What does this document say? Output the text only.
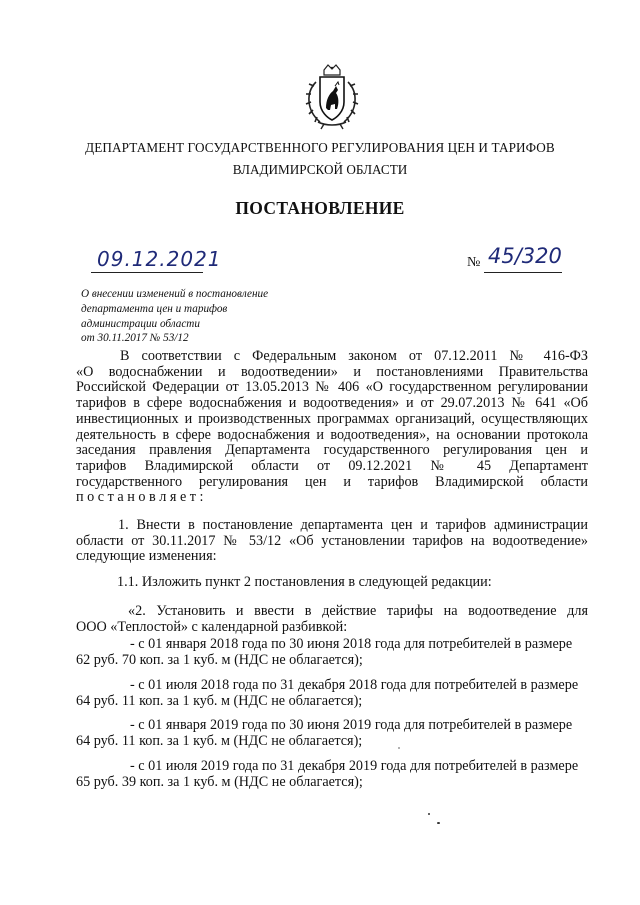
ДЕПАРТАМЕНТ ГОСУДАРСТВЕННОГО РЕГУЛИРОВАНИЯ ЦЕН И ТАРИФОВ
ВЛАДИМИРСКОЙ ОБЛАСТИ
ПОСТАНОВЛЕНИЕ
09.12.2021	№ 45/320
О внесении изменений в постановление
департамента цен и тарифов
администрации области
от 30.11.2017 № 53/12
В соответствии с Федеральным законом от 07.12.2011 № 416-ФЗ
«О водоснабжении и водоотведении» и постановлениями Правительства
Российской Федерации от 13.05.2013 № 406 «О государственном регулировании
тарифов в сфере водоснабжения и водоотведения» и от 29.07.2013 № 641 «Об
инвестиционных и производственных программах организаций, осуществляющих
деятельность в сфере водоснабжения и водоотведения», на основании протокола
заседания правления Департамента государственного регулирования цен и
тарифов Владимирской области от 09.12.2021 № 45 Департамент
государственного регулирования цен и тарифов Владимирской области
п о с т а н о в л я е т :
1. Внести в постановление департамента цен и тарифов администрации
области от 30.11.2017 № 53/12 «Об установлении тарифов на водоотведение»
следующие изменения:
1.1. Изложить пункт 2 постановления в следующей редакции:
«2. Установить и ввести в действие тарифы на водоотведение для
ООО «Теплостой» с календарной разбивкой:
- с 01 января 2018 года по 30 июня 2018 года для потребителей в размере
62 руб. 70 коп. за 1 куб. м (НДС не облагается);
- с 01 июля 2018 года по 31 декабря 2018 года для потребителей в размере
64 руб. 11 коп. за 1 куб. м (НДС не облагается);
- с 01 января 2019 года по 30 июня 2019 года для потребителей в размере
64 руб. 11 коп. за 1 куб. м (НДС не облагается);
- с 01 июля 2019 года по 31 декабря 2019 года для потребителей в размере
65 руб. 39 коп. за 1 куб. м (НДС не облагается);
